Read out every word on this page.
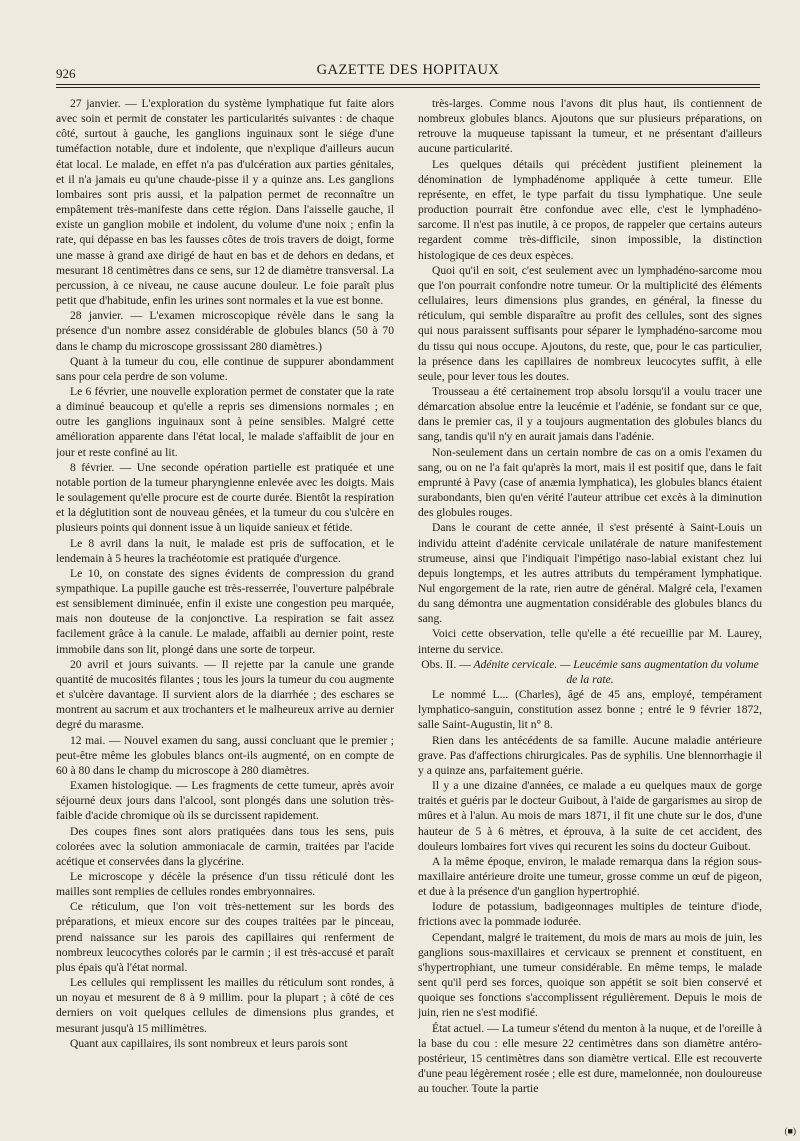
926	GAZETTE DES HOPITAUX

27 janvier. — L'exploration du système lymphatique fut faite alors avec soin et permit de constater les particularités suivantes : de chaque côté, surtout à gauche, les ganglions inguinaux sont le siége d'une tuméfaction notable, dure et indolente, que n'explique d'ailleurs aucun état local. Le malade, en effet n'a pas d'ulcération aux parties génitales, et il n'a jamais eu qu'une chaude-pisse il y a quinze ans. Les ganglions lombaires sont pris aussi, et la palpation permet de reconnaître un empâtement très-manifeste dans cette région. Dans l'aisselle gauche, il existe un ganglion mobile et indolent, du volume d'une noix ; enfin la rate, qui dépasse en bas les fausses côtes de trois travers de doigt, forme une masse à grand axe dirigé de haut en bas et de dehors en dedans, et mesurant 18 centimètres dans ce sens, sur 12 de diamètre transversal. La percussion, à ce niveau, ne cause aucune douleur. Le foie paraît plus petit que d'habitude, enfin les urines sont normales et la vue est bonne.

28 janvier. — L'examen microscopique révèle dans le sang la présence d'un nombre assez considérable de globules blancs (50 à 70 dans le champ du microscope grossissant 280 diamètres.)

Quant à la tumeur du cou, elle continue de suppurer abondamment sans pour cela perdre de son volume.

Le 6 février, une nouvelle exploration permet de constater que la rate a diminué beaucoup et qu'elle a repris ses dimensions normales ; en outre les ganglions inguinaux sont à peine sensibles. Malgré cette amélioration apparente dans l'état local, le malade s'affaiblit de jour en jour et reste confiné au lit.

8 février. — Une seconde opération partielle est pratiquée et une notable portion de la tumeur pharyngienne enlevée avec les doigts. Mais le soulagement qu'elle procure est de courte durée. Bientôt la respiration et la déglutition sont de nouveau gênées, et la tumeur du cou s'ulcère en plusieurs points qui donnent issue à un liquide sanieux et fétide.

Le 8 avril dans la nuit, le malade est pris de suffocation, et le lendemain à 5 heures la trachéotomie est pratiquée d'urgence.

Le 10, on constate des signes évidents de compression du grand sympathique. La pupille gauche est très-resserrée, l'ouverture palpébrale est sensiblement diminuée, enfin il existe une congestion peu marquée, mais non douteuse de la conjonctive. La respiration se fait assez facilement grâce à la canule. Le malade, affaibli au dernier point, reste immobile dans son lit, plongé dans une sorte de torpeur.

20 avril et jours suivants. — Il rejette par la canule une grande quantité de mucosités filantes ; tous les jours la tumeur du cou augmente et s'ulcère davantage. Il survient alors de la diarrhée ; des eschares se montrent au sacrum et aux trochanters et le malheureux arrive au dernier degré du marasme.

12 mai. — Nouvel examen du sang, aussi concluant que le premier ; peut-être même les globules blancs ont-ils augmenté, on en compte de 60 à 80 dans le champ du microscope à 280 diamètres.

Examen histologique. — Les fragments de cette tumeur, après avoir séjourné deux jours dans l'alcool, sont plongés dans une solution très-faible d'acide chromique où ils se durcissent rapidement.

Des coupes fines sont alors pratiquées dans tous les sens, puis colorées avec la solution ammoniacale de carmin, traitées par l'acide acétique et conservées dans la glycérine.

Le microscope y décèle la présence d'un tissu réticulé dont les mailles sont remplies de cellules rondes embryonnaires.

Ce réticulum, que l'on voit très-nettement sur les bords des préparations, et mieux encore sur des coupes traitées par le pinceau, prend naissance sur les parois des capillaires qui renferment de nombreux leucocythes colorés par le carmin ; il est très-accusé et paraît plus épais qu'à l'état normal.

Les cellules qui remplissent les mailles du réticulum sont rondes, à un noyau et mesurent de 8 à 9 millim. pour la plupart ; à côté de ces derniers on voit quelques cellules de dimensions plus grandes, et mesurant jusqu'à 15 millimètres.

Quant aux capillaires, ils sont nombreux et leurs parois sont

très-larges. Comme nous l'avons dit plus haut, ils contiennent de nombreux globules blancs. Ajoutons que sur plusieurs préparations, on retrouve la muqueuse tapissant la tumeur, et ne présentant d'ailleurs aucune particularité.

Les quelques détails qui précèdent justifient pleinement la dénomination de lymphadénome appliquée à cette tumeur. Elle représente, en effet, le type parfait du tissu lymphatique. Une seule production pourrait être confondue avec elle, c'est le lymphadéno-sarcome. Il n'est pas inutile, à ce propos, de rappeler que certains auteurs regardent comme très-difficile, sinon impossible, la distinction histologique de ces deux espèces.

Quoi qu'il en soit, c'est seulement avec un lymphadéno-sarcome mou que l'on pourrait confondre notre tumeur. Or la multiplicité des éléments cellulaires, leurs dimensions plus grandes, en général, la finesse du réticulum, qui semble disparaître au profit des cellules, sont des signes qui nous paraissent suffisants pour séparer le lymphadéno-sarcome mou du tissu qui nous occupe. Ajoutons, du reste, que, pour le cas particulier, la présence dans les capillaires de nombreux leucocytes suffit, à elle seule, pour lever tous les doutes.

Trousseau a été certainement trop absolu lorsqu'il a voulu tracer une démarcation absolue entre la leucémie et l'adénie, se fondant sur ce que, dans le premier cas, il y a toujours augmentation des globules blancs du sang, tandis qu'il n'y en aurait jamais dans l'adénie.

Non-seulement dans un certain nombre de cas on a omis l'examen du sang, ou on ne l'a fait qu'après la mort, mais il est positif que, dans le fait emprunté à Pavy (case of anæmia lymphatica), les globules blancs étaient surabondants, bien qu'en vérité l'auteur attribue cet excès à la diminution des globules rouges.

Dans le courant de cette année, il s'est présenté à Saint-Louis un individu atteint d'adénite cervicale unilatérale de nature manifestement strumeuse, ainsi que l'indiquait l'impétigo naso-labial existant chez lui depuis longtemps, et les autres attributs du tempérament lymphatique. Nul engorgement de la rate, rien autre de général. Malgré cela, l'examen du sang démontra une augmentation considérable des globules blancs du sang.

Voici cette observation, telle qu'elle a été recueillie par M. Laurey, interne du service.

Obs. II. — Adénite cervicale. — Leucémie sans augmentation du volume de la rate.

Le nommé L... (Charles), âgé de 45 ans, employé, tempérament lymphatico-sanguin, constitution assez bonne ; entré le 9 février 1872, salle Saint-Augustin, lit n° 8.

Rien dans les antécédents de sa famille. Aucune maladie antérieure grave. Pas d'affections chirurgicales. Pas de syphilis. Une blennorrhagie il y a quinze ans, parfaitement guérie.

Il y a une dizaine d'années, ce malade a eu quelques maux de gorge traités et guéris par le docteur Guibout, à l'aide de gargarismes au sirop de mûres et à l'alun. Au mois de mars 1871, il fit une chute sur le dos, d'une hauteur de 5 à 6 mètres, et éprouva, à la suite de cet accident, des douleurs lombaires fort vives qui recurent les soins du docteur Guibout.

A la même époque, environ, le malade remarqua dans la région sous-maxillaire antérieure droite une tumeur, grosse comme un œuf de pigeon, et due à la présence d'un ganglion hypertrophié.

Iodure de potassium, badigeonnages multiples de teinture d'iode, frictions avec la pommade iodurée.

Cependant, malgré le traitement, du mois de mars au mois de juin, les ganglions sous-maxillaires et cervicaux se prennent et constituent, en s'hypertrophiant, une tumeur considérable. En même temps, le malade sent qu'il perd ses forces, quoique son appétit se soit bien conservé et quoique ses fonctions s'accomplissent régulièrement. Depuis le mois de juin, rien ne s'est modifié.

État actuel. — La tumeur s'étend du menton à la nuque, et de l'oreille à la base du cou : elle mesure 22 centimètres dans son diamètre antéro-postérieur, 15 centimètres dans son diamètre vertical. Elle est recouverte d'une peau légèrement rosée ; elle est dure, mamelonnée, non douloureuse au toucher. Toute la partie

(■)
